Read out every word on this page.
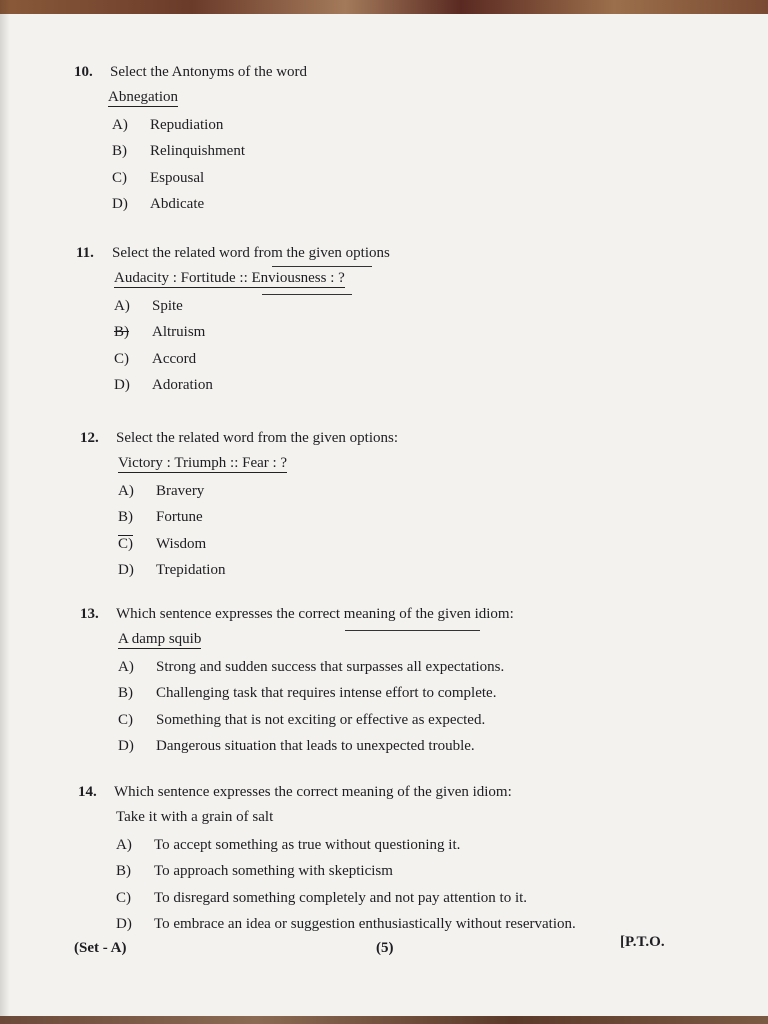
10.	Select the Antonyms of the word
Abnegation
A)	Repudiation
B)	Relinquishment
C)	Espousal
D)	Abdicate
11.	Select the related word from the given options
Audacity : Fortitude :: Enviousness : ?
A)	Spite
B)	Altruism
C)	Accord
D)	Adoration
12.	Select the related word from the given options:
Victory : Triumph :: Fear : ?
A)	Bravery
B)	Fortune
C)	Wisdom
D)	Trepidation
13.	Which sentence expresses the correct meaning of the given idiom:
A damp squib
A)	Strong and sudden success that surpasses all expectations.
B)	Challenging task that requires intense effort to complete.
C)	Something that is not exciting or effective as expected.
D)	Dangerous situation that leads to unexpected trouble.
14.	Which sentence expresses the correct meaning of the given idiom:
Take it with a grain of salt
A)	To accept something as true without questioning it.
B)	To approach something with skepticism
C)	To disregard something completely and not pay attention to it.
D)	To embrace an idea or suggestion enthusiastically without reservation.
(Set - A)	(5)	[P.T.O.
